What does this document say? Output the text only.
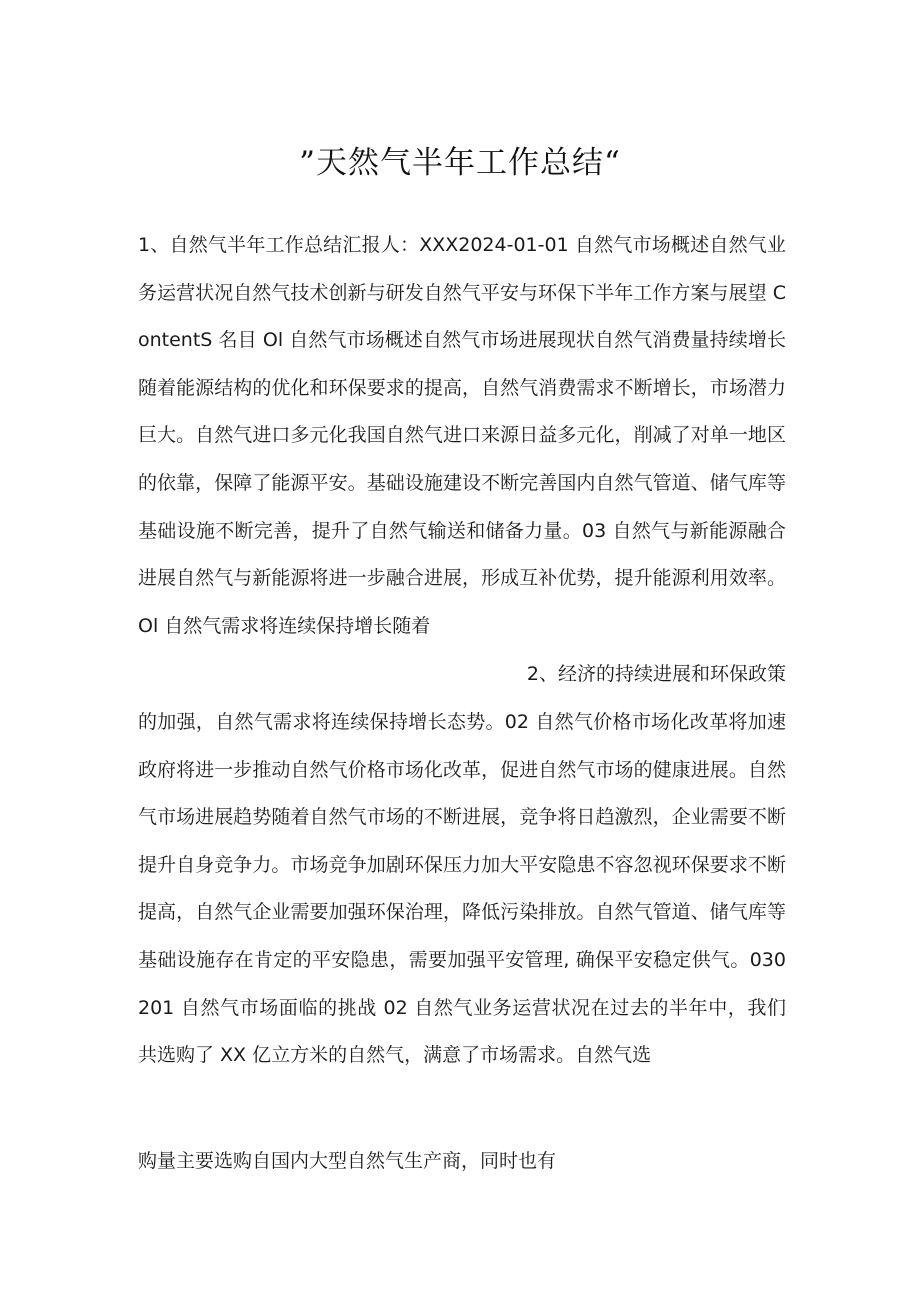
”天然气半年工作总结“

1、自然气半年工作总结汇报人：XXX2024-01-01 自然气市场概述自然气业务运营状况自然气技术创新与研发自然气平安与环保下半年工作方案与展望 ContentS 名目 Ol 自然气市场概述自然气市场进展现状自然气消费量持续增长随着能源结构的优化和环保要求的提高，自然气消费需求不断增长，市场潜力巨大。自然气进口多元化我国自然气进口来源日益多元化，削减了对单一地区的依靠，保障了能源平安。基础设施建设不断完善国内自然气管道、储气库等基础设施不断完善，提升了自然气输送和储备力量。03 自然气与新能源融合进展自然气与新能源将进一步融合进展，形成互补优势，提升能源利用效率。Ol 自然气需求将连续保持增长随着

2、经济的持续进展和环保政策

的加强，自然气需求将连续保持增长态势。02 自然气价格市场化改革将加速政府将进一步推动自然气价格市场化改革，促进自然气市场的健康进展。自然气市场进展趋势随着自然气市场的不断进展，竞争将日趋激烈，企业需要不断提升自身竞争力。市场竞争加剧环保压力加大平安隐患不容忽视环保要求不断提高，自然气企业需要加强环保治理，降低污染排放。自然气管道、储气库等基础设施存在肯定的平安隐患，需要加强平安管理, 确保平安稳定供气。030201 自然气市场面临的挑战 02 自然气业务运营状况在过去的半年中，我们共选购了 XX 亿立方米的自然气，满意了市场需求。自然气选

购量主要选购自国内大型自然气生产商，同时也有
